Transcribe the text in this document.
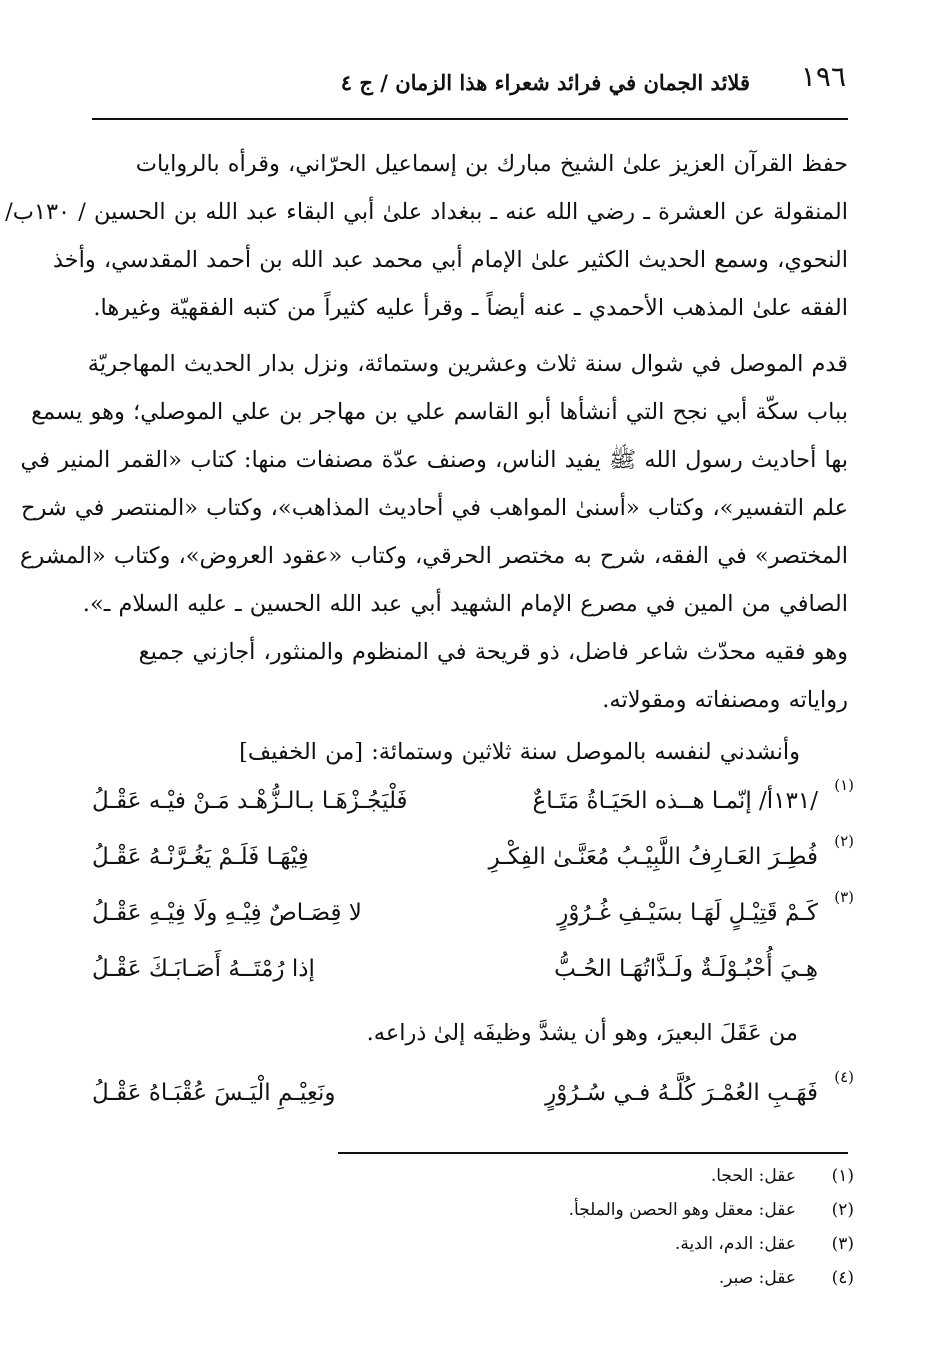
١٩٦
قلائد الجمان في فرائد شعراء هذا الزمان / ج ٤
حفظ القرآن العزيز علىٰ الشيخ مبارك بن إسماعيل الحرّاني، وقرأه بالروايات
المنقولة عن العشرة ـ رضي الله عنه ـ ببغداد علىٰ أبي البقاء عبد الله بن الحسين / ١٣٠ب/
النحوي، وسمع الحديث الكثير علىٰ الإمام أبي محمد عبد الله بن أحمد المقدسي، وأخذ
الفقه علىٰ المذهب الأحمدي ـ عنه أيضاً ـ وقرأ عليه كثيراً من كتبه الفقهيّة وغيرها.
قدم الموصل في شوال سنة ثلاث وعشرين وستمائة، ونزل بدار الحديث المهاجريّة
بباب سكّة أبي نجح التي أنشأها أبو القاسم علي بن مهاجر بن علي الموصلي؛ وهو يسمع
بها أحاديث رسول الله ﷺ يفيد الناس، وصنف عدّة مصنفات منها: كتاب «القمر المنير في
علم التفسير»، وكتاب «أسنىٰ المواهب في أحاديث المذاهب»، وكتاب «المنتصر في شرح
المختصر» في الفقه، شرح به مختصر الحرقي، وكتاب «عقود العروض»، وكتاب «المشرع
الصافي من المين في مصرع الإمام الشهيد أبي عبد الله الحسين ـ عليه السلام ـ».
وهو فقيه محدّث شاعر فاضل، ذو قريحة في المنظوم والمنثور، أجازني جميع
رواياته ومصنفاته ومقولاته.
وأنشدني لنفسه بالموصل سنة ثلاثين وستمائة: [من الخفيف]
(١)
/١٣١أ/ إنّمـا هــذه الحَيَـاةُ مَتَـاعٌ
فَلْيَجُـزْهَـا بـالـزُّهْـد مَـنْ فيْـه عَقْـلُ
(٢)
فُطِـرَ العَـارِفُ اللَّبِيْـبُ مُعَنَّـىٰ الفِكْـرِ
فِيْهَـا فَلَـمْ يَغُـرَّنْـهُ عَقْـلُ
(٣)
كَـمْ قَتِيْـلٍ لَهَـا بسَيْـفِ غُـرُوْرٍ
لا قِصَـاصٌ فِيْـهِ ولَا فِيْـهِ عَقْـلُ
هِـيَ أُحْبُـوْلَـةٌ ولَـذَّاتُهَـا الحُـبُّ
إذا رُمْتَــهُ أَصَـابَـكَ عَقْـلُ
من عَقَلَ البعيرَ، وهو أن يشدَّ وظيفَه إلىٰ ذراعه.
(٤)
فَهَـبِ العُمْـرَ كُلَّـهُ فـي سُـرُوْرٍ
ونَعِيْـمِ الْيَـسَ عُقْبَـاهُ عَقْـلُ
(١)عقل: الحجا.
(٢)عقل: معقل وهو الحصن والملجأ.
(٣)عقل: الدم، الدية.
(٤)عقل: صبر.
